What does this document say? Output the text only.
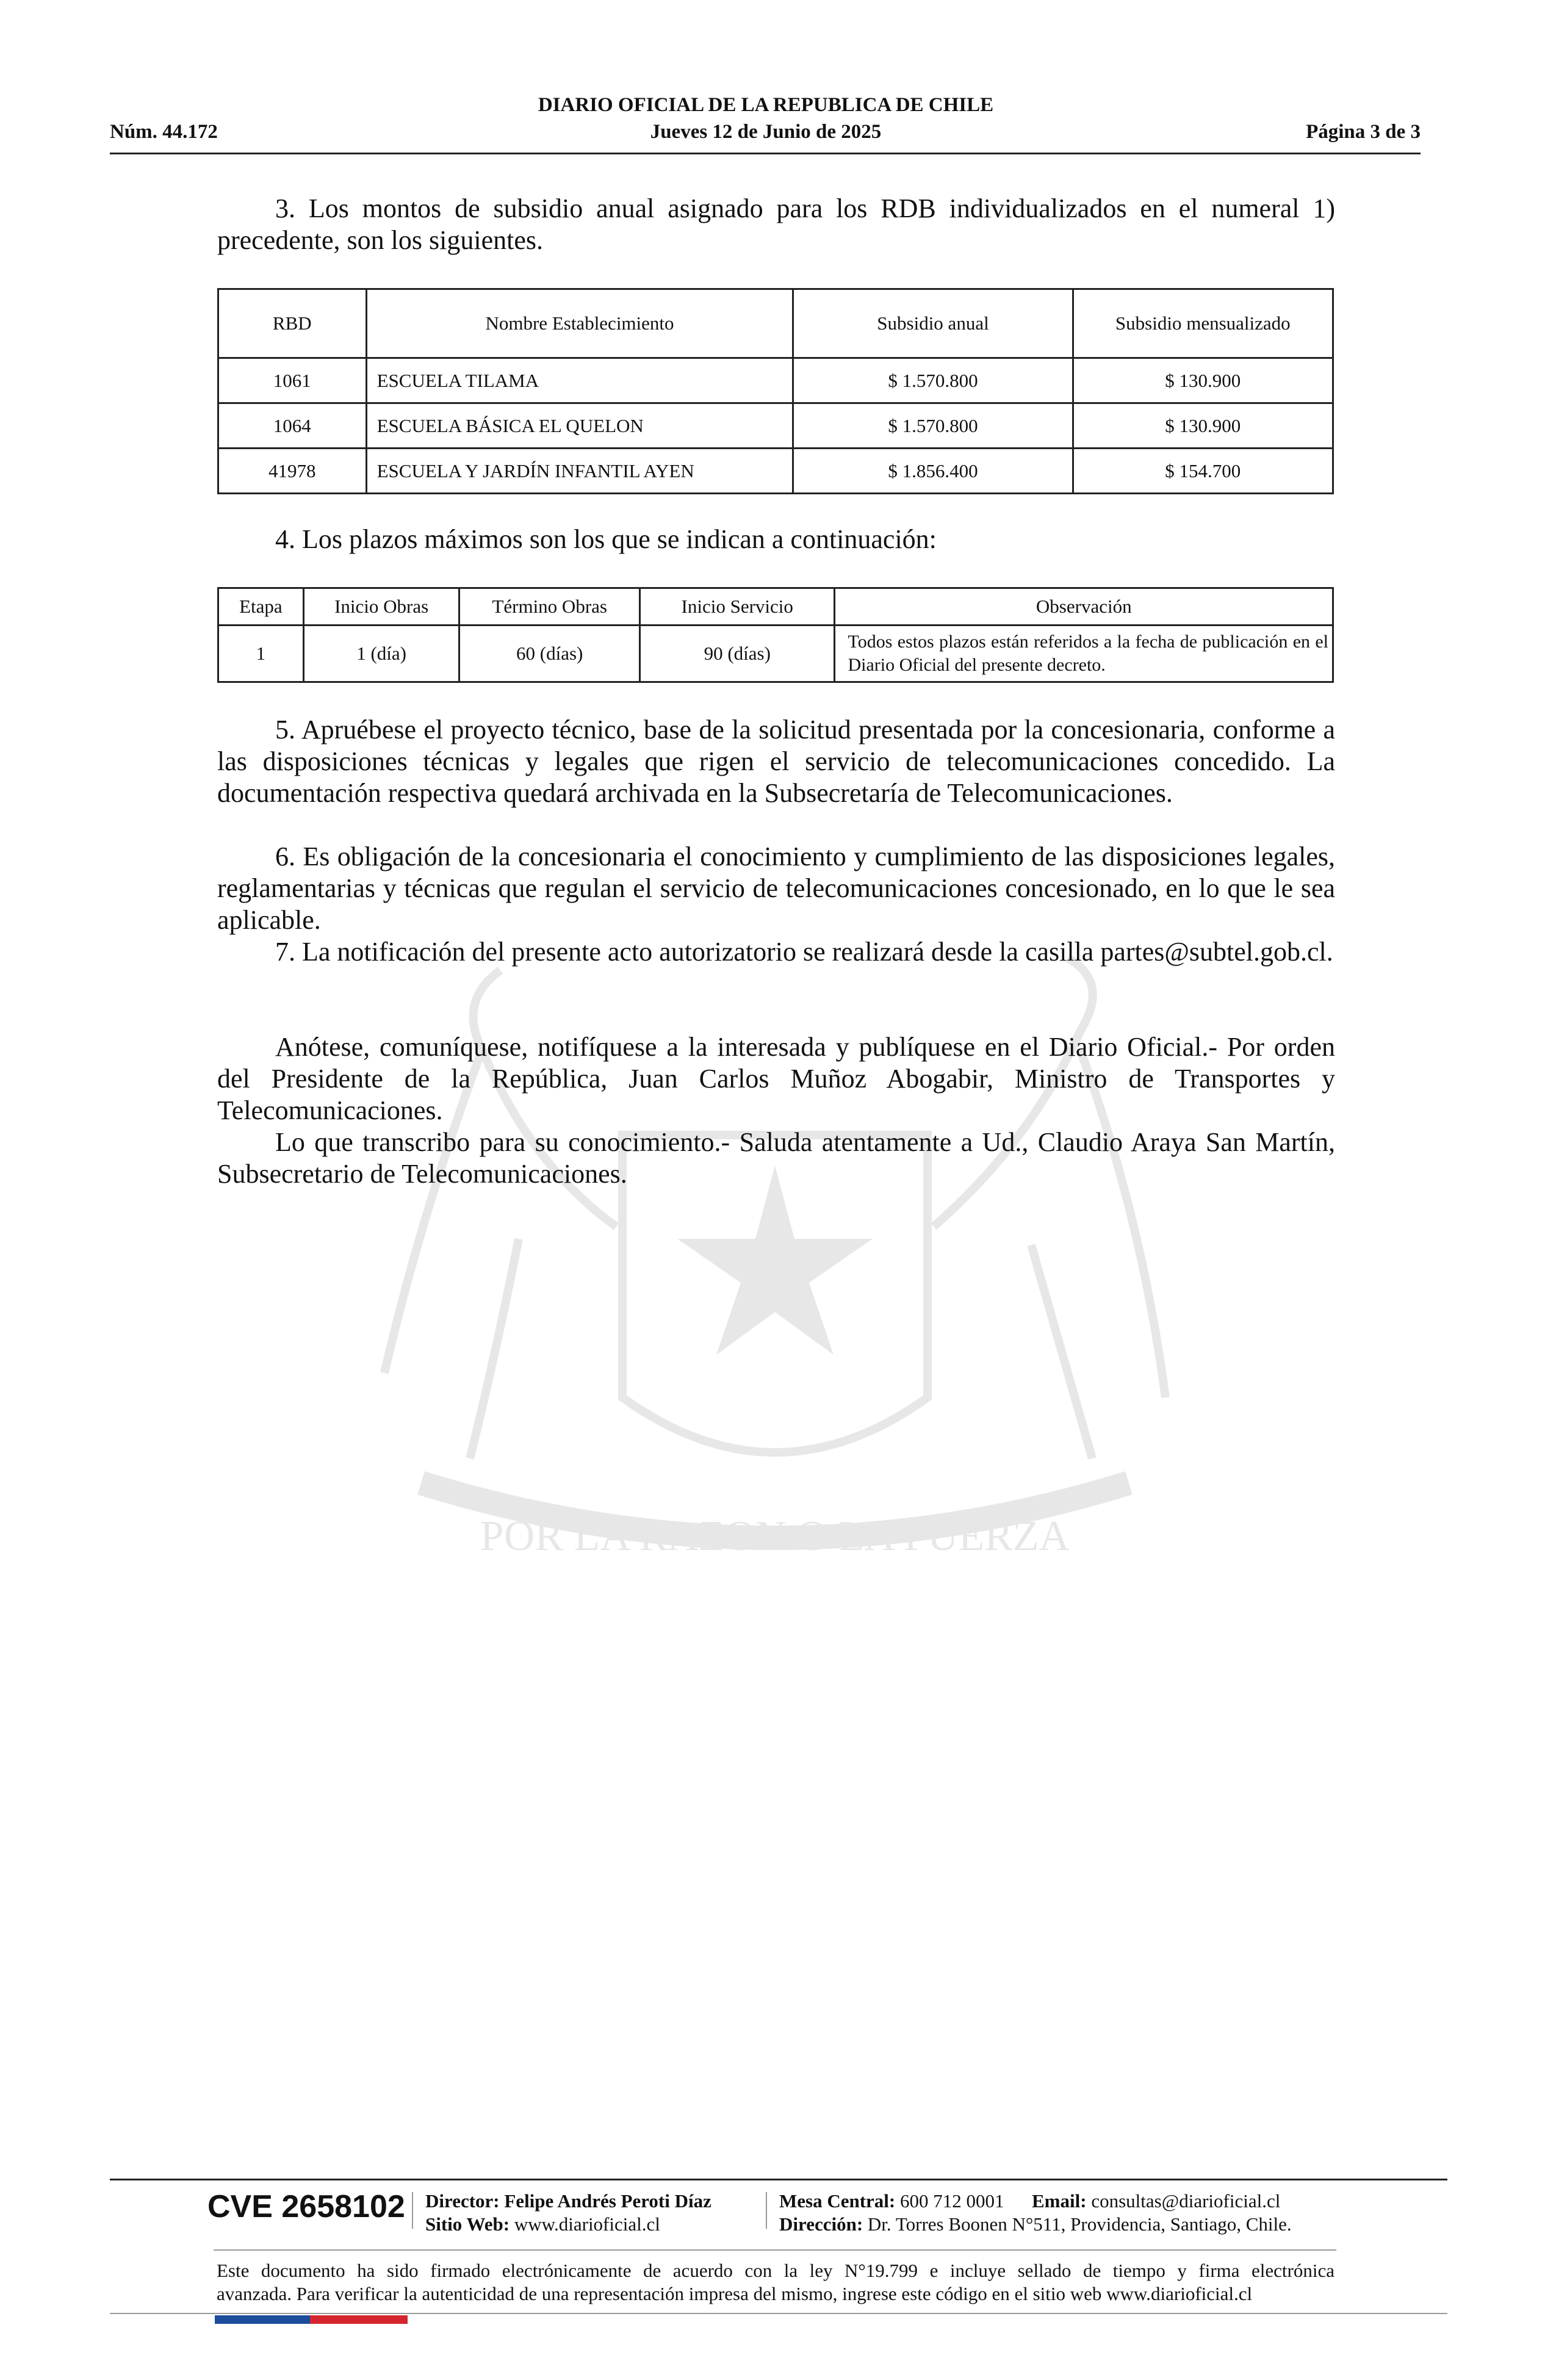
DIARIO OFICIAL DE LA REPUBLICA DE CHILE
Núm. 44.172	Jueves 12 de Junio de 2025	Página 3 de 3
POR LA RAZON O LA FUERZA
3. Los montos de subsidio anual asignado para los RDB individualizados en el numeral 1) precedente, son los siguientes.
RBD	Nombre Establecimiento	Subsidio anual	Subsidio mensualizado
1061	ESCUELA TILAMA	$ 1.570.800	$ 130.900
1064	ESCUELA BÁSICA EL QUELON	$ 1.570.800	$ 130.900
41978	ESCUELA Y JARDÍN INFANTIL AYEN	$ 1.856.400	$ 154.700
4. Los plazos máximos son los que se indican a continuación:
Etapa	Inicio Obras	Término Obras	Inicio Servicio	Observación
1	1 (día)	60 (días)	90 (días)	Todos estos plazos están referidos a la fecha de publicación en el Diario Oficial del presente decreto.
5. Apruébese el proyecto técnico, base de la solicitud presentada por la concesionaria, conforme a las disposiciones técnicas y legales que rigen el servicio de telecomunicaciones concedido. La documentación respectiva quedará archivada en la Subsecretaría de Telecomunicaciones.
6. Es obligación de la concesionaria el conocimiento y cumplimiento de las disposiciones legales, reglamentarias y técnicas que regulan el servicio de telecomunicaciones concesionado, en lo que le sea aplicable.
7. La notificación del presente acto autorizatorio se realizará desde la casilla partes@subtel.gob.cl.
Anótese, comuníquese, notifíquese a la interesada y publíquese en el Diario Oficial.- Por orden del Presidente de la República, Juan Carlos Muñoz Abogabir, Ministro de Transportes y Telecomunicaciones.
Lo que transcribo para su conocimiento.- Saluda atentamente a Ud., Claudio Araya San Martín, Subsecretario de Telecomunicaciones.
CVE 2658102 Director: Felipe Andrés Peroti Díaz
Sitio Web: www.diarioficial.cl
Mesa Central: 600 712 0001 Email: consultas@diarioficial.cl
Dirección: Dr. Torres Boonen N°511, Providencia, Santiago, Chile.
Este documento ha sido firmado electrónicamente de acuerdo con la ley N°19.799 e incluye sellado de tiempo y firma electrónica
avanzada. Para verificar la autenticidad de una representación impresa del mismo, ingrese este código en el sitio web www.diarioficial.cl
